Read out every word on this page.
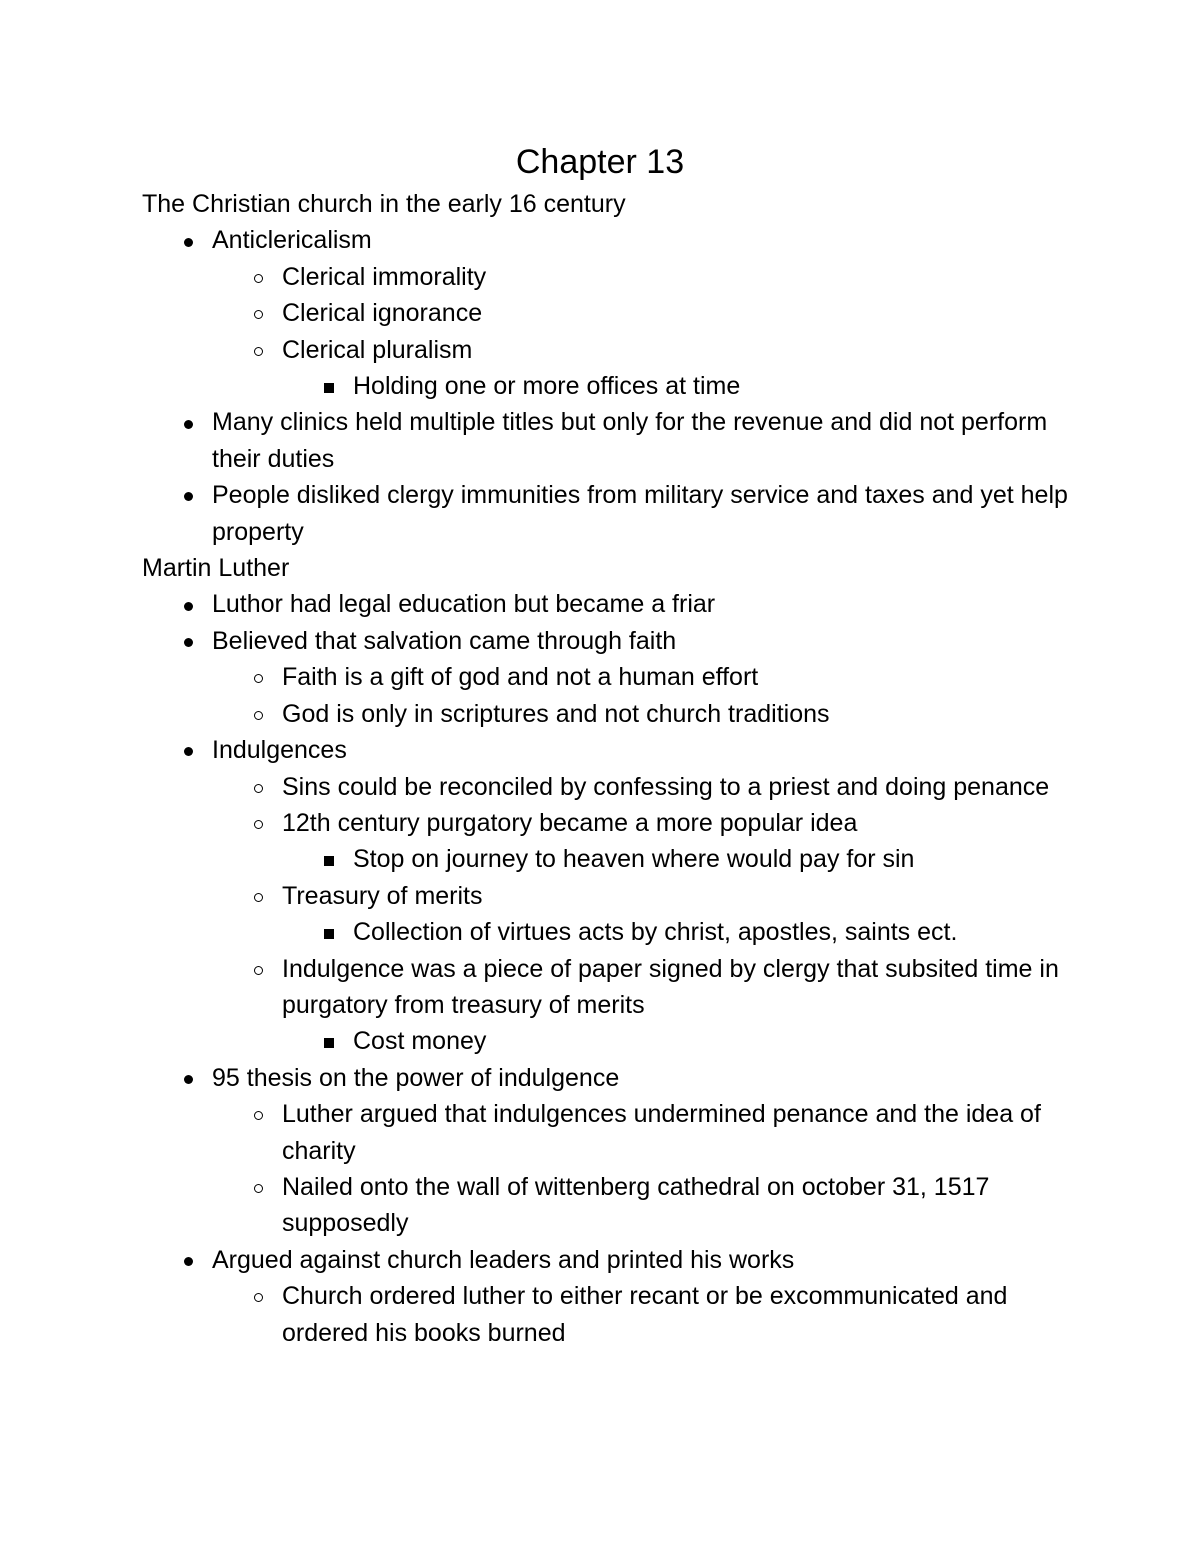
Chapter 13
The Christian church in the early 16 century
Anticlericalism
Clerical immorality
Clerical ignorance
Clerical pluralism
Holding one or more offices at time
Many clinics held multiple titles but only for the revenue and did not perform their duties
People disliked clergy immunities from military service and taxes and yet help property
Martin Luther
Luthor had legal education but became a friar
Believed that salvation came through faith
Faith is a gift of god and not a human effort
God is only in scriptures and not church traditions
Indulgences
Sins could be reconciled by confessing to a priest and doing penance
12th century purgatory became a more popular idea
Stop on journey to heaven where would pay for sin
Treasury of merits
Collection of virtues acts by christ, apostles, saints ect.
Indulgence was a piece of paper signed by clergy that subsited time in purgatory from treasury of merits
Cost money
95 thesis on the power of indulgence
Luther argued that indulgences undermined penance and the idea of charity
Nailed onto the wall of wittenberg cathedral on october 31, 1517 supposedly
Argued against church leaders and printed his works
Church ordered luther to either recant or be excommunicated and ordered his books burned
